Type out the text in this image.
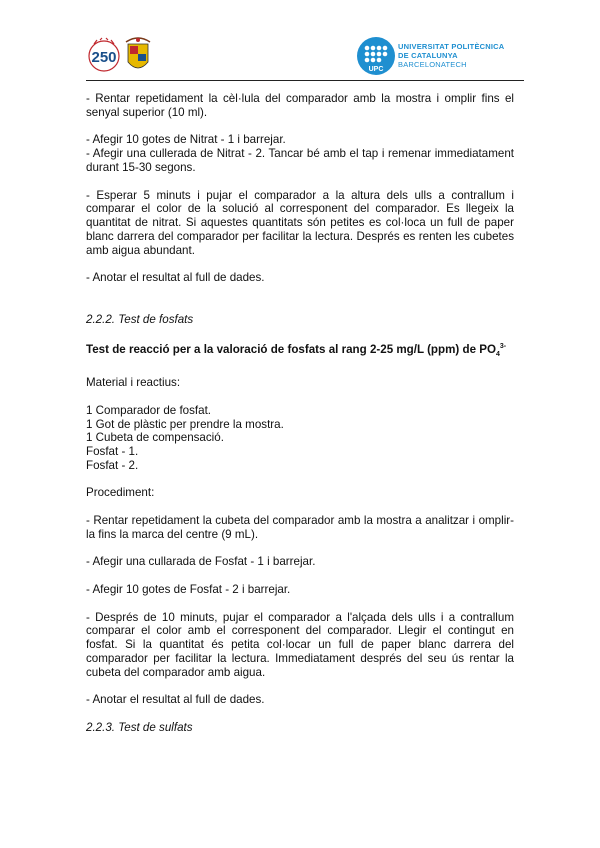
250
UPC
UNIVERSITAT POLITÈCNICA
DE CATALUNYA
BARCELONATECH

- Rentar repetidament la cèl·lula del comparador amb la mostra i omplir fins el senyal superior (10 ml).

- Afegir 10 gotes de Nitrat - 1 i barrejar.

- Afegir una cullerada de Nitrat - 2. Tancar bé amb el tap i remenar immediatament durant 15-30 segons.

- Esperar 5 minuts i pujar el comparador a la altura dels ulls a contrallum i comparar el color de la solució al corresponent del comparador. Es llegeix la quantitat de nitrat. Si aquestes quantitats són petites es col·loca un full de paper blanc darrera del comparador per facilitar la lectura. Després es renten les cubetes amb aigua abundant.

- Anotar el resultat al full de dades.

2.2.2. Test de fosfats

Test de reacció per a la valoració de fosfats al rang 2-25 mg/L (ppm) de $PO_4^{3-}$

Material i reactius:

1 Comparador de fosfat.

1 Got de plàstic per prendre la mostra.

1 Cubeta de compensació.

Fosfat - 1.

Fosfat - 2.

Procediment:

- Rentar repetidament la cubeta del comparador amb la mostra a analitzar i omplir-la fins la marca del centre (9 mL).

- Afegir una cullarada de Fosfat - 1 i barrejar.

- Afegir 10 gotes de Fosfat - 2 i barrejar.

- Després de 10 minuts, pujar el comparador a l'alçada dels ulls i a contrallum comparar el color amb el corresponent del comparador. Llegir el contingut en fosfat. Si la quantitat és petita col·locar un full de paper blanc darrera del comparador per facilitar la lectura. Immediatament després del seu ús rentar la cubeta del comparador amb aigua.

- Anotar el resultat al full de dades.

2.2.3. Test de sulfats
